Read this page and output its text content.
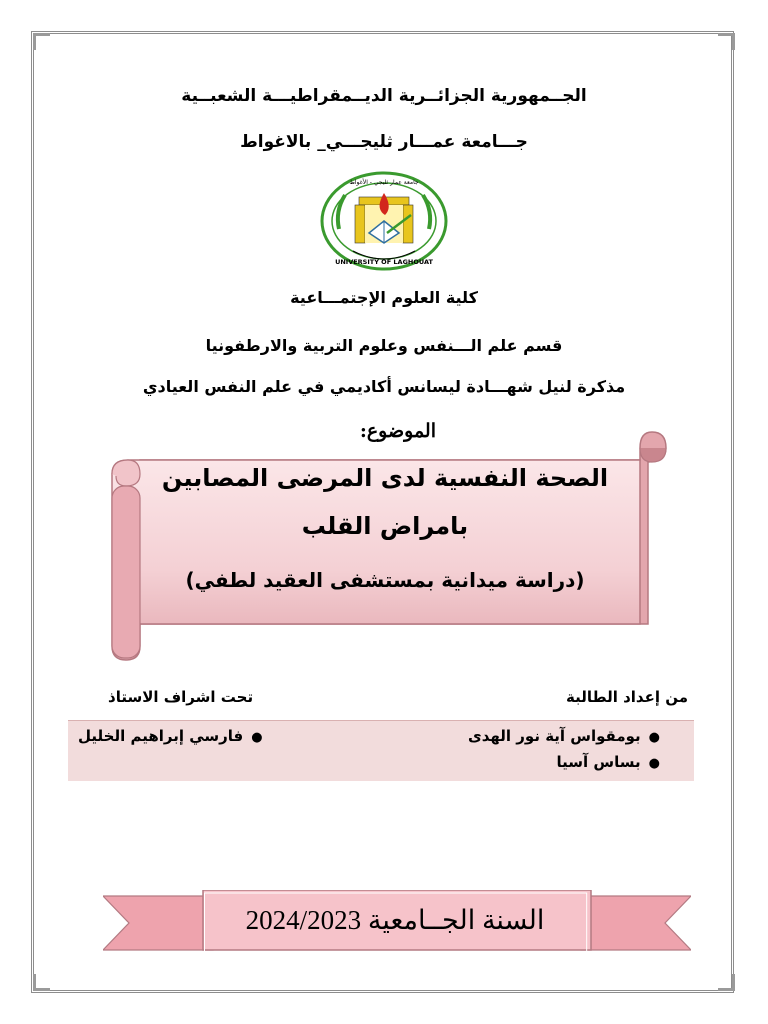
الجــمهورية الجزائــرية الديــمقراطيـــة الشعبــية
جـــامعة عمـــار ثليجـــي_ بالاغواط
جامعة عمار ثليجي - الأغواط
UNIVERSITY OF LAGHOUAT
كلية العلوم الإجتمـــاعية
قسم علم الـــنفس وعلوم التربية والارطفونيا
مذكرة لنيل شهـــادة ليسانس أكاديمي في علم النفس العيادي
الموضوع:
الصحة النفسية لدى المرضى المصابين
بامراض القلب
(دراسة ميدانية بمستشفى العقيد لطفي)
من إعداد الطالبة
تحت اشراف الاستاذ
●بومقواس آية نور الهدى
●بساس آسيا
●فارسي إبراهيم الخليل
السنة الجــامعية 2024/2023
